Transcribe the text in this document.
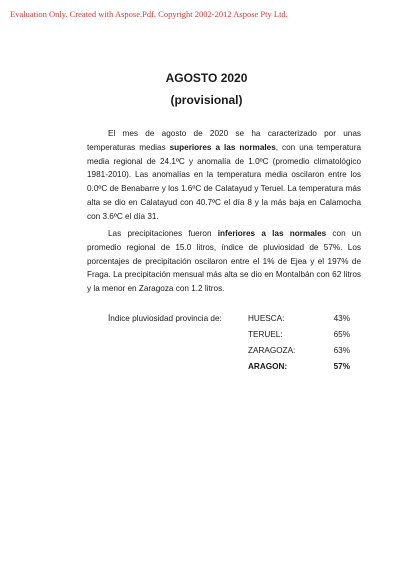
Evaluation Only. Created with Aspose.Pdf. Copyright 2002-2012 Aspose Pty Ltd.
AGOSTO 2020
(provisional)

El mes de agosto de 2020 se ha caracterizado por unas temperaturas medias superiores a las normales, con una temperatura media regional de 24.1ºC y anomalía de 1.0ºC (promedio climatológico 1981-2010). Las anomalías en la temperatura media oscilaron entre los 0.0ºC de Benabarre y los 1.6ºC de Calatayud y Teruel. La temperatura más alta se dio en Calatayud con 40.7ºC el día 8 y la más baja en Calamocha con 3.6ºC el día 31.

Las precipitaciones fueron inferiores a las normales con un promedio regional de 15.0 litros, índice de pluviosidad de 57%. Los porcentajes de precipitación oscilaron entre el 1% de Ejea y el 197% de Fraga. La precipitación mensual más alta se dio en Montalbán con 62 litros y la menor en Zaragoza con 1.2 litros.

Índice pluviosidad provincia de:	HUESCA:	43%
TERUEL:	65%
ZARAGOZA:	63%
ARAGON:	57%
